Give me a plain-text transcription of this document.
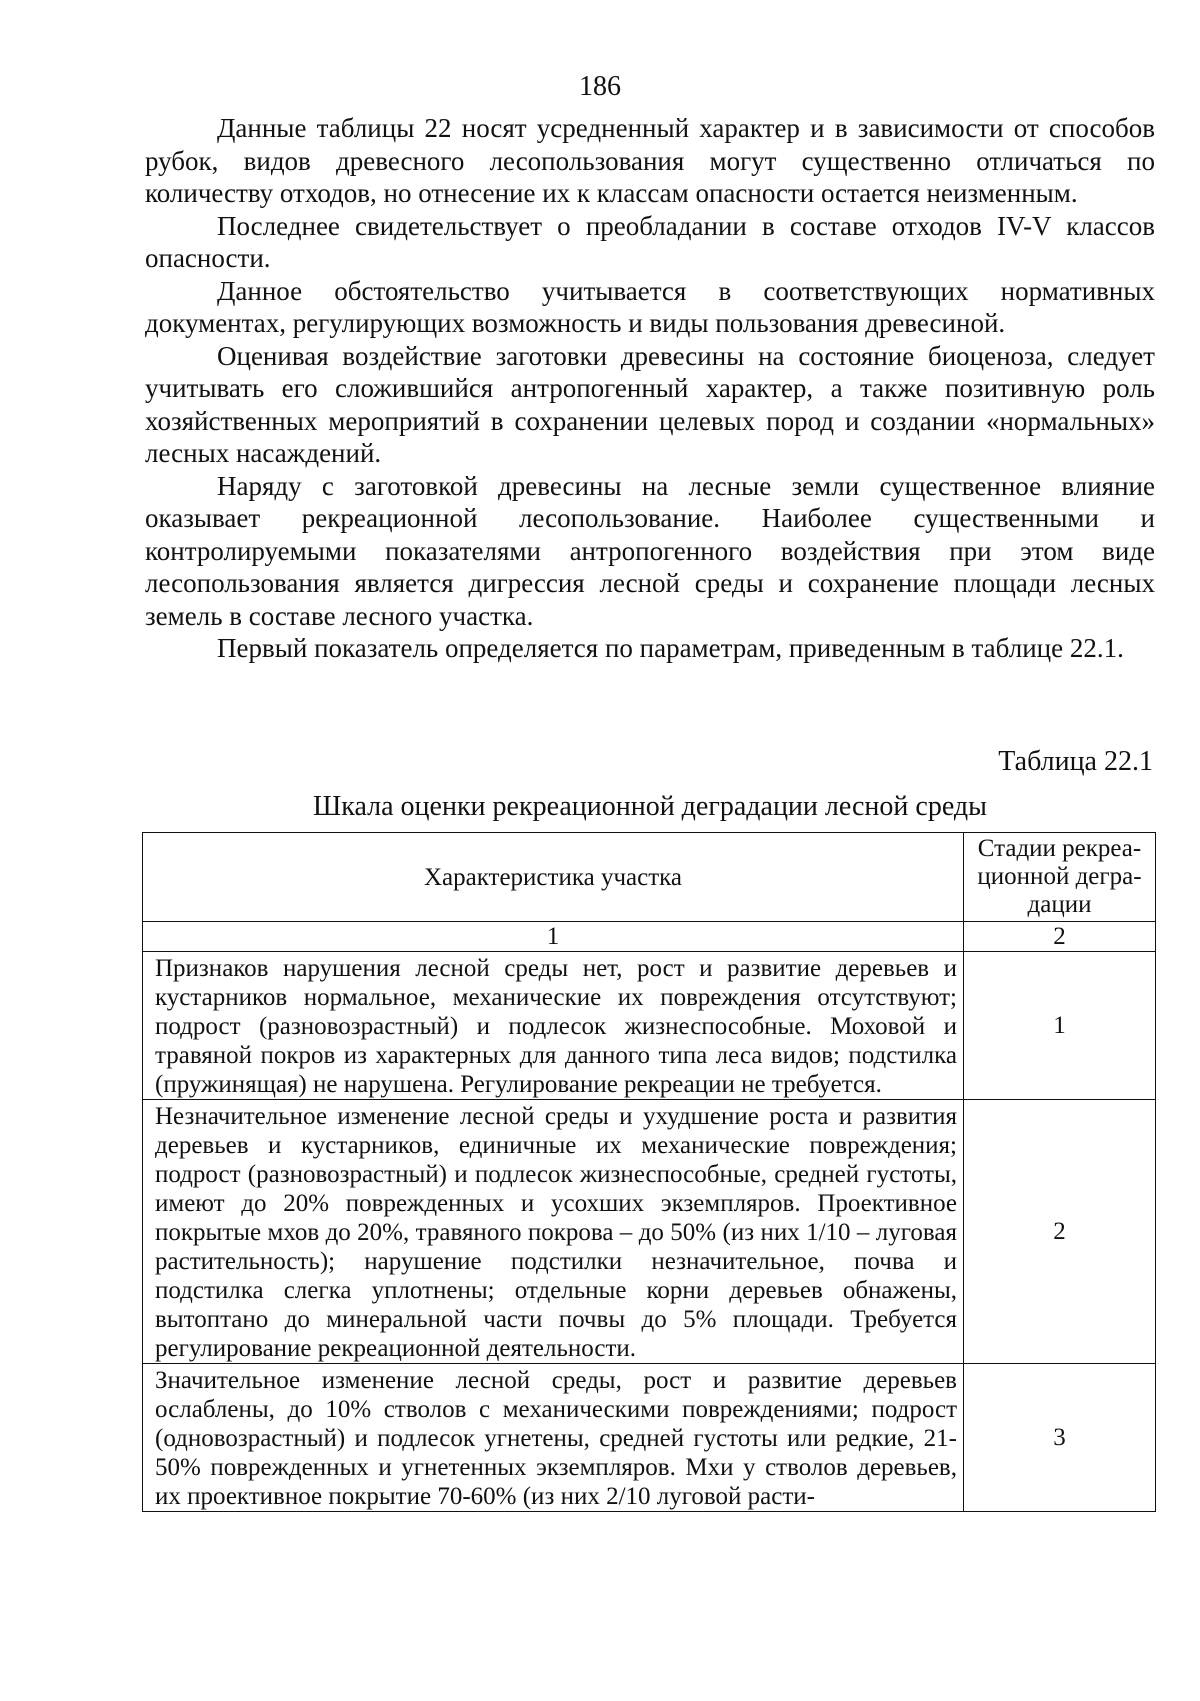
186

Данные таблицы 22 носят усредненный характер и в зависимости от способов рубок, видов древесного лесопользования могут существенно отличаться по количеству отходов, но отнесение их к классам опасности остается неизменным.

Последнее свидетельствует о преобладании в составе отходов IV-V классов опасности.

Данное обстоятельство учитывается в соответствующих нормативных документах, регулирующих возможность и виды пользования древесиной.

Оценивая воздействие заготовки древесины на состояние биоценоза, следует учитывать его сложившийся антропогенный характер, а также позитивную роль хозяйственных мероприятий в сохранении целевых пород и создании «нормальных» лесных насаждений.

Наряду с заготовкой древесины на лесные земли существенное влияние оказывает рекреационной лесопользование. Наиболее существенными и контролируемыми показателями антропогенного воздействия при этом виде лесопользования является дигрессия лесной среды и сохранение площади лесных земель в составе лесного участка.

Первый показатель определяется по параметрам, приведенным в таблице 22.1.

Таблица 22.1
Шкала оценки рекреационной деградации лесной среды
Характеристика участка	Стадии рекреационной деградации
1	2
Признаков нарушения лесной среды нет, рост и развитие деревьев и кустарников нормальное, механические их повреждения отсутствуют; подрост (разновозрастный) и подлесок жизнеспособные. Моховой и травяной покров из характерных для данного типа леса видов; подстилка (пружинящая) не нарушена. Регулирование рекреации не требуется.	1
Незначительное изменение лесной среды и ухудшение роста и развития деревьев и кустарников, единичные их механические повреждения; подрост (разновозрастный) и подлесок жизнеспособные, средней густоты, имеют до 20% поврежденных и усохших экземпляров. Проективное покрытые мхов до 20%, травяного покрова – до 50% (из них 1/10 – луговая растительность); нарушение подстилки незначительное, почва и подстилка слегка уплотнены; отдельные корни деревьев обнажены, вытоптано до минеральной части почвы до 5% площади. Требуется регулирование рекреационной деятельности.	2
Значительное изменение лесной среды, рост и развитие деревьев ослаблены, до 10% стволов с механическими повреждениями; подрост (одновозрастный) и подлесок угнетены, средней густоты или редкие, 21-50% поврежденных и угнетенных экземпляров. Мхи у стволов деревьев, их проективное покрытие 70-60% (из них 2/10 луговой расти-	3
